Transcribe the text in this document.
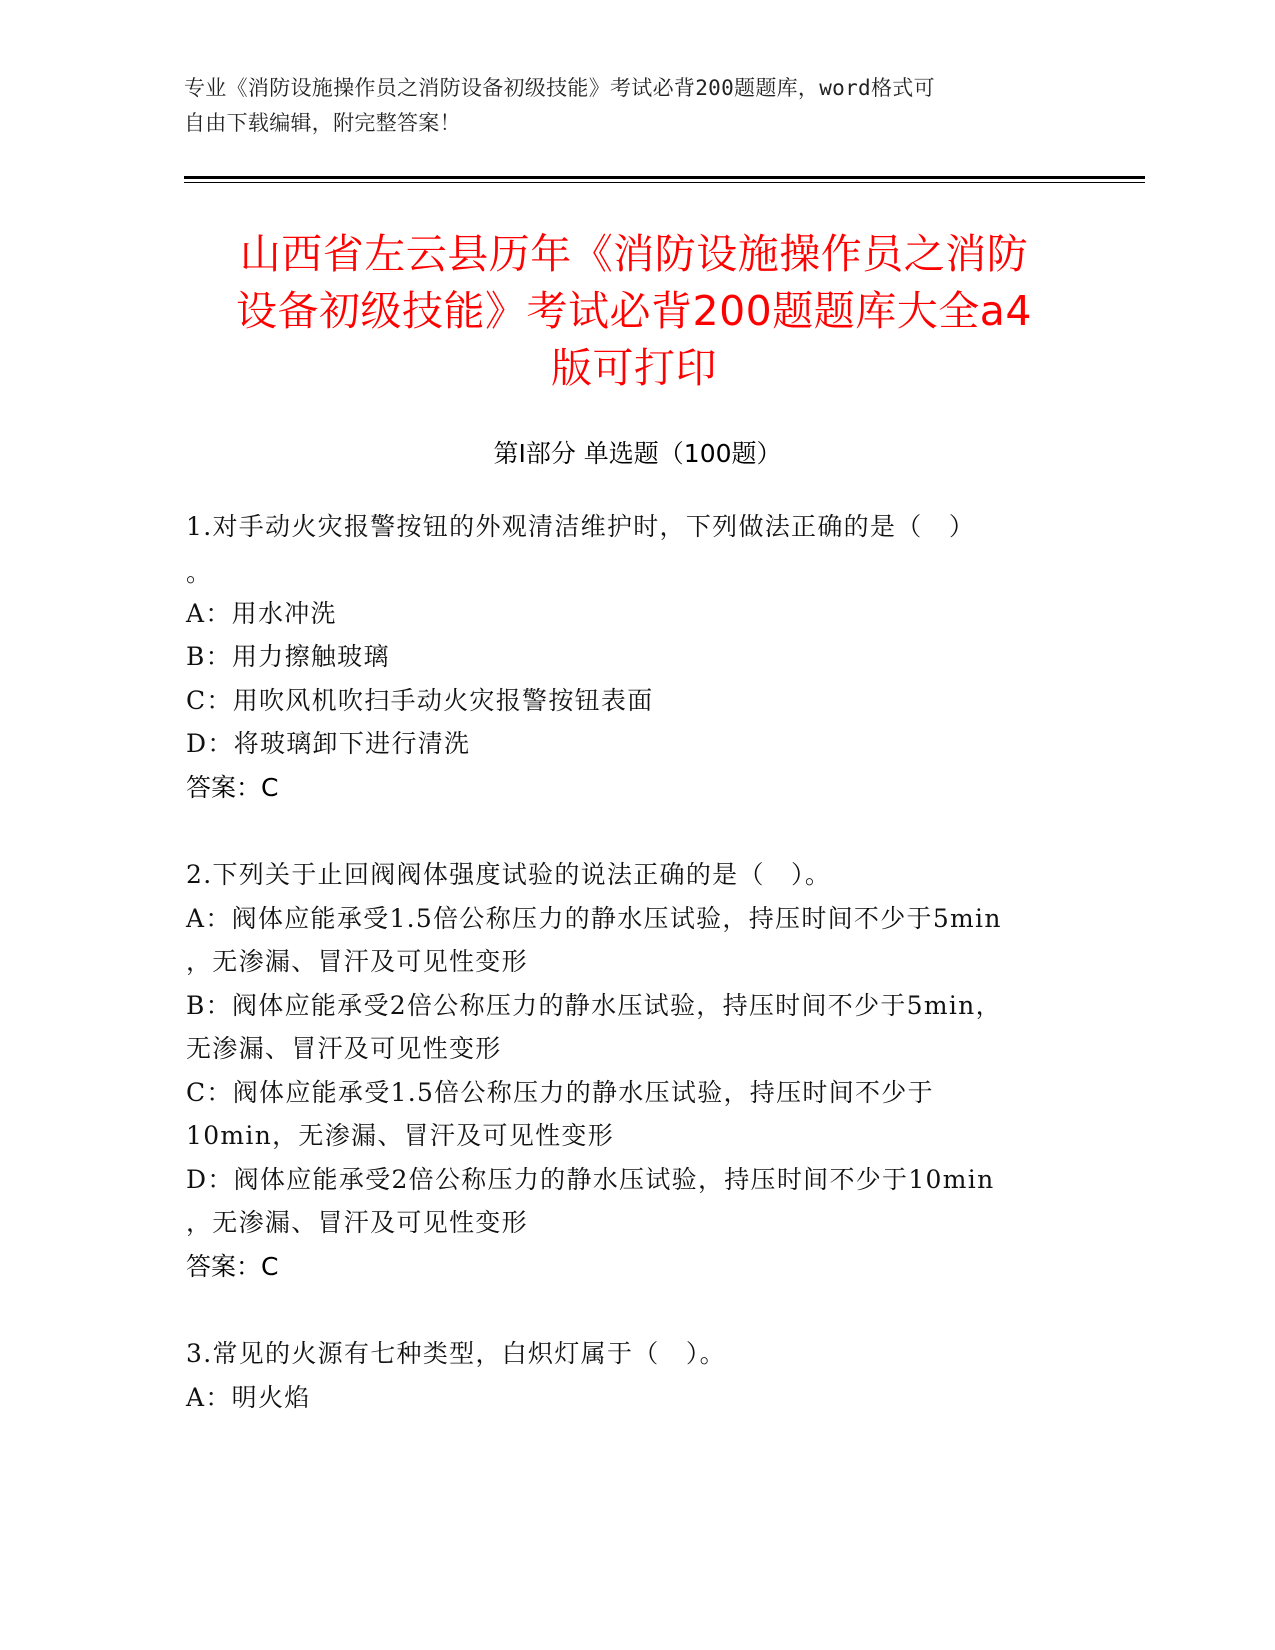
专业《消防设施操作员之消防设备初级技能》考试必背200题题库，word格式可
自由下载编辑，附完整答案！
山西省左云县历年《消防设施操作员之消防
设备初级技能》考试必背200题题库大全a4
版可打印
第Ⅰ部分 单选题（100题）
1.对手动火灾报警按钮的外观清洁维护时，下列做法正确的是（　）
。
A：用水冲洗
B：用力擦触玻璃
C：用吹风机吹扫手动火灾报警按钮表面
D：将玻璃卸下进行清洗
答案：C
2.下列关于止回阀阀体强度试验的说法正确的是（　）。
A：阀体应能承受1.5倍公称压力的静水压试验，持压时间不少于5min
，无渗漏、冒汗及可见性变形
B：阀体应能承受2倍公称压力的静水压试验，持压时间不少于5min，
无渗漏、冒汗及可见性变形
C：阀体应能承受1.5倍公称压力的静水压试验，持压时间不少于
10min，无渗漏、冒汗及可见性变形
D：阀体应能承受2倍公称压力的静水压试验，持压时间不少于10min
，无渗漏、冒汗及可见性变形
答案：C
3.常见的火源有七种类型，白炽灯属于（　）。
A：明火焰
